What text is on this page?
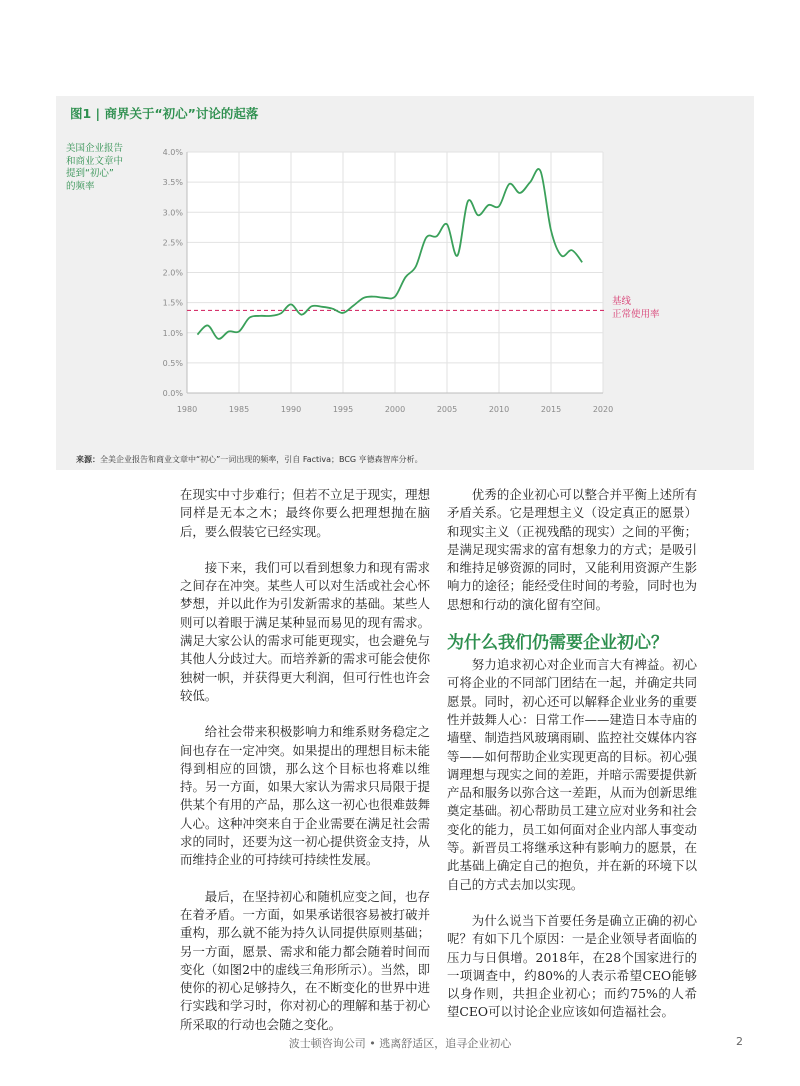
图1 | 商界关于“初心”讨论的起落
美国企业报告
和商业文章中
提到“初心”
的频率
0.0%
0.5%
1.0%
1.5%
2.0%
2.5%
3.0%
3.5%
4.0%
1980	1985	1990	1995	2000	2005	2010	2015	2020
基线
正常使用率
来源：全美企业报告和商业文章中“初心”一词出现的频率，引自 Factiva；BCG 亨德森智库分析。

在现实中寸步难行；但若不立足于现实，理想同样是无本之木；最终你要么把理想抛在脑后，要么假装它已经实现。

接下来，我们可以看到想象力和现有需求之间存在冲突。某些人可以对生活或社会心怀梦想，并以此作为引发新需求的基础。某些人则可以着眼于满足某种显而易见的现有需求。满足大家公认的需求可能更现实，也会避免与其他人分歧过大。而培养新的需求可能会使你独树一帜，并获得更大利润，但可行性也许会较低。

给社会带来积极影响力和维系财务稳定之间也存在一定冲突。如果提出的理想目标未能得到相应的回馈，那么这个目标也将难以维持。另一方面，如果大家认为需求只局限于提供某个有用的产品，那么这一初心也很难鼓舞人心。这种冲突来自于企业需要在满足社会需求的同时，还要为这一初心提供资金支持，从而维持企业的可持续可持续性发展。

最后，在坚持初心和随机应变之间，也存在着矛盾。一方面，如果承诺很容易被打破并重构，那么就不能为持久认同提供原则基础；另一方面，愿景、需求和能力都会随着时间而变化（如图2中的虚线三角形所示）。当然，即使你的初心足够持久，在不断变化的世界中进行实践和学习时，你对初心的理解和基于初心所采取的行动也会随之变化。

优秀的企业初心可以整合并平衡上述所有矛盾关系。它是理想主义（设定真正的愿景）和现实主义（正视残酷的现实）之间的平衡；是满足现实需求的富有想象力的方式；是吸引和维持足够资源的同时，又能利用资源产生影响力的途径；能经受住时间的考验，同时也为思想和行动的演化留有空间。

为什么我们仍需要企业初心？

努力追求初心对企业而言大有裨益。初心可将企业的不同部门团结在一起，并确定共同愿景。同时，初心还可以解释企业业务的重要性并鼓舞人心：日常工作——建造日本寺庙的墙壁、制造挡风玻璃雨刷、监控社交媒体内容等——如何帮助企业实现更高的目标。初心强调理想与现实之间的差距，并暗示需要提供新产品和服务以弥合这一差距，从而为创新思维奠定基础。初心帮助员工建立应对业务和社会变化的能力，员工如何面对企业内部人事变动等。新晋员工将继承这种有影响力的愿景，在此基础上确定自己的抱负，并在新的环境下以自己的方式去加以实现。

为什么说当下首要任务是确立正确的初心呢？有如下几个原因：一是企业领导者面临的压力与日俱增。2018年，在28个国家进行的一项调查中，约80%的人表示希望CEO能够以身作则，共担企业初心；而约75%的人希望CEO可以讨论企业应该如何造福社会。

波士顿咨询公司 • 逃离舒适区，追寻企业初心	2
